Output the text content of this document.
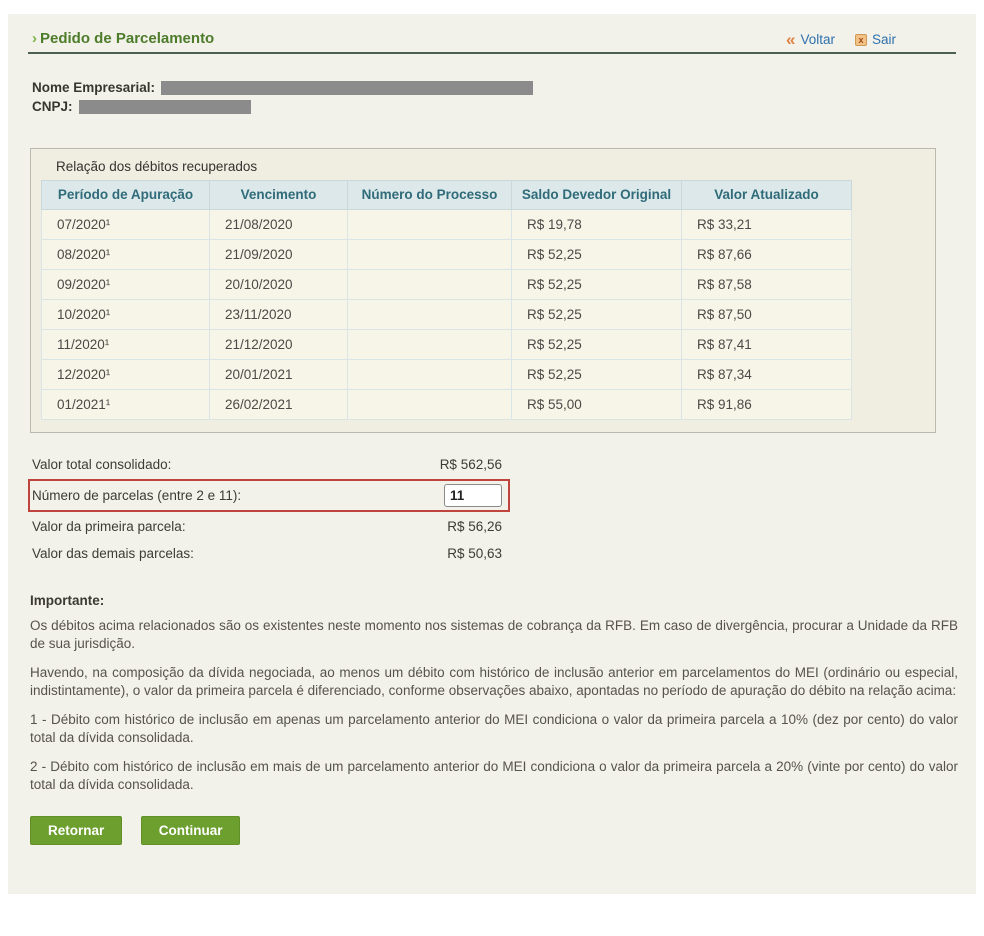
› Pedido de Parcelamento	« Voltar	x Sair
Nome Empresarial:
CNPJ:
Relação dos débitos recuperados
Período de Apuração	Vencimento	Número do Processo	Saldo Devedor Original	Valor Atualizado
07/2020¹	21/08/2020		R$ 19,78	R$ 33,21
08/2020¹	21/09/2020		R$ 52,25	R$ 87,66
09/2020¹	20/10/2020		R$ 52,25	R$ 87,58
10/2020¹	23/11/2020		R$ 52,25	R$ 87,50
11/2020¹	21/12/2020		R$ 52,25	R$ 87,41
12/2020¹	20/01/2021		R$ 52,25	R$ 87,34
01/2021¹	26/02/2021		R$ 55,00	R$ 91,86
Valor total consolidado:	R$ 562,56
Número de parcelas (entre 2 e 11):
11
Valor da primeira parcela:	R$ 56,26
Valor das demais parcelas:	R$ 50,63
Importante:

Os débitos acima relacionados são os existentes neste momento nos sistemas de cobrança da RFB. Em caso de divergência, procurar a Unidade da RFB de sua jurisdição.

Havendo, na composição da dívida negociada, ao menos um débito com histórico de inclusão anterior em parcelamentos do MEI (ordinário ou especial, indistintamente), o valor da primeira parcela é diferenciado, conforme observações abaixo, apontadas no período de apuração do débito na relação acima:

1 - Débito com histórico de inclusão em apenas um parcelamento anterior do MEI condiciona o valor da primeira parcela a 10% (dez por cento) do valor total da dívida consolidada.

2 - Débito com histórico de inclusão em mais de um parcelamento anterior do MEI condiciona o valor da primeira parcela a 20% (vinte por cento) do valor total da dívida consolidada.

Retornar	Continuar
